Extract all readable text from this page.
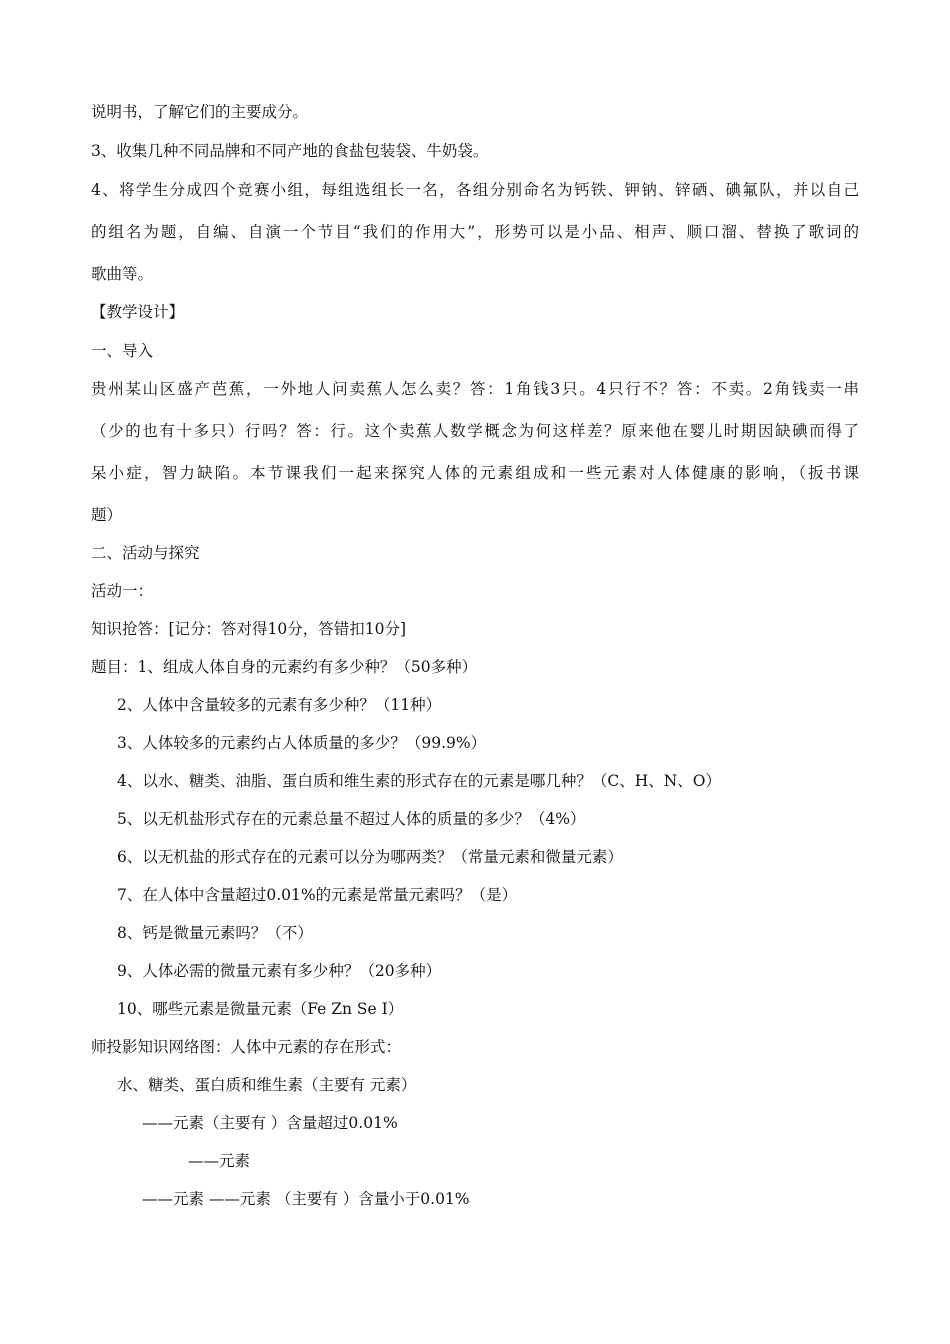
说明书，了解它们的主要成分。
3、收集几种不同品牌和不同产地的食盐包装袋、牛奶袋。
4、将学生分成四个竞赛小组，每组选组长一名，各组分别命名为钙铁、钾钠、锌硒、碘氟队，并以自己
的组名为题，自编、自演一个节目“我们的作用大”，形势可以是小品、相声、顺口溜、替换了歌词的
歌曲等。
【教学设计】
一、导入
贵州某山区盛产芭蕉，一外地人问卖蕉人怎么卖？答：1角钱3只。4只行不？答：不卖。2角钱卖一串
（少的也有十多只）行吗？答：行。这个卖蕉人数学概念为何这样差？原来他在婴儿时期因缺碘而得了
呆小症，智力缺陷。本节课我们一起来探究人体的元素组成和一些元素对人体健康的影响，（扳书课
题）
二、活动与探究
活动一：
知识抢答：[记分：答对得10分，答错扣10分]
题目：1、组成人体自身的元素约有多少种？（50多种）
2、人体中含量较多的元素有多少种？（11种）
3、人体较多的元素约占人体质量的多少？（99.9%）
4、以水、糖类、油脂、蛋白质和维生素的形式存在的元素是哪几种？（C、H、N、O）
5、以无机盐形式存在的元素总量不超过人体的质量的多少？（4%）
6、以无机盐的形式存在的元素可以分为哪两类？（常量元素和微量元素）
7、在人体中含量超过0.01%的元素是常量元素吗？（是）
8、钙是微量元素吗？（不）
9、人体必需的微量元素有多少种？（20多种）
10、哪些元素是微量元素（Fe Zn Se I）
师投影知识网络图：人体中元素的存在形式：
水、糖类、蛋白质和维生素（主要有 元素）
——元素（主要有 ）含量超过0.01%
——元素
——元素 ——元素 （主要有 ）含量小于0.01%
